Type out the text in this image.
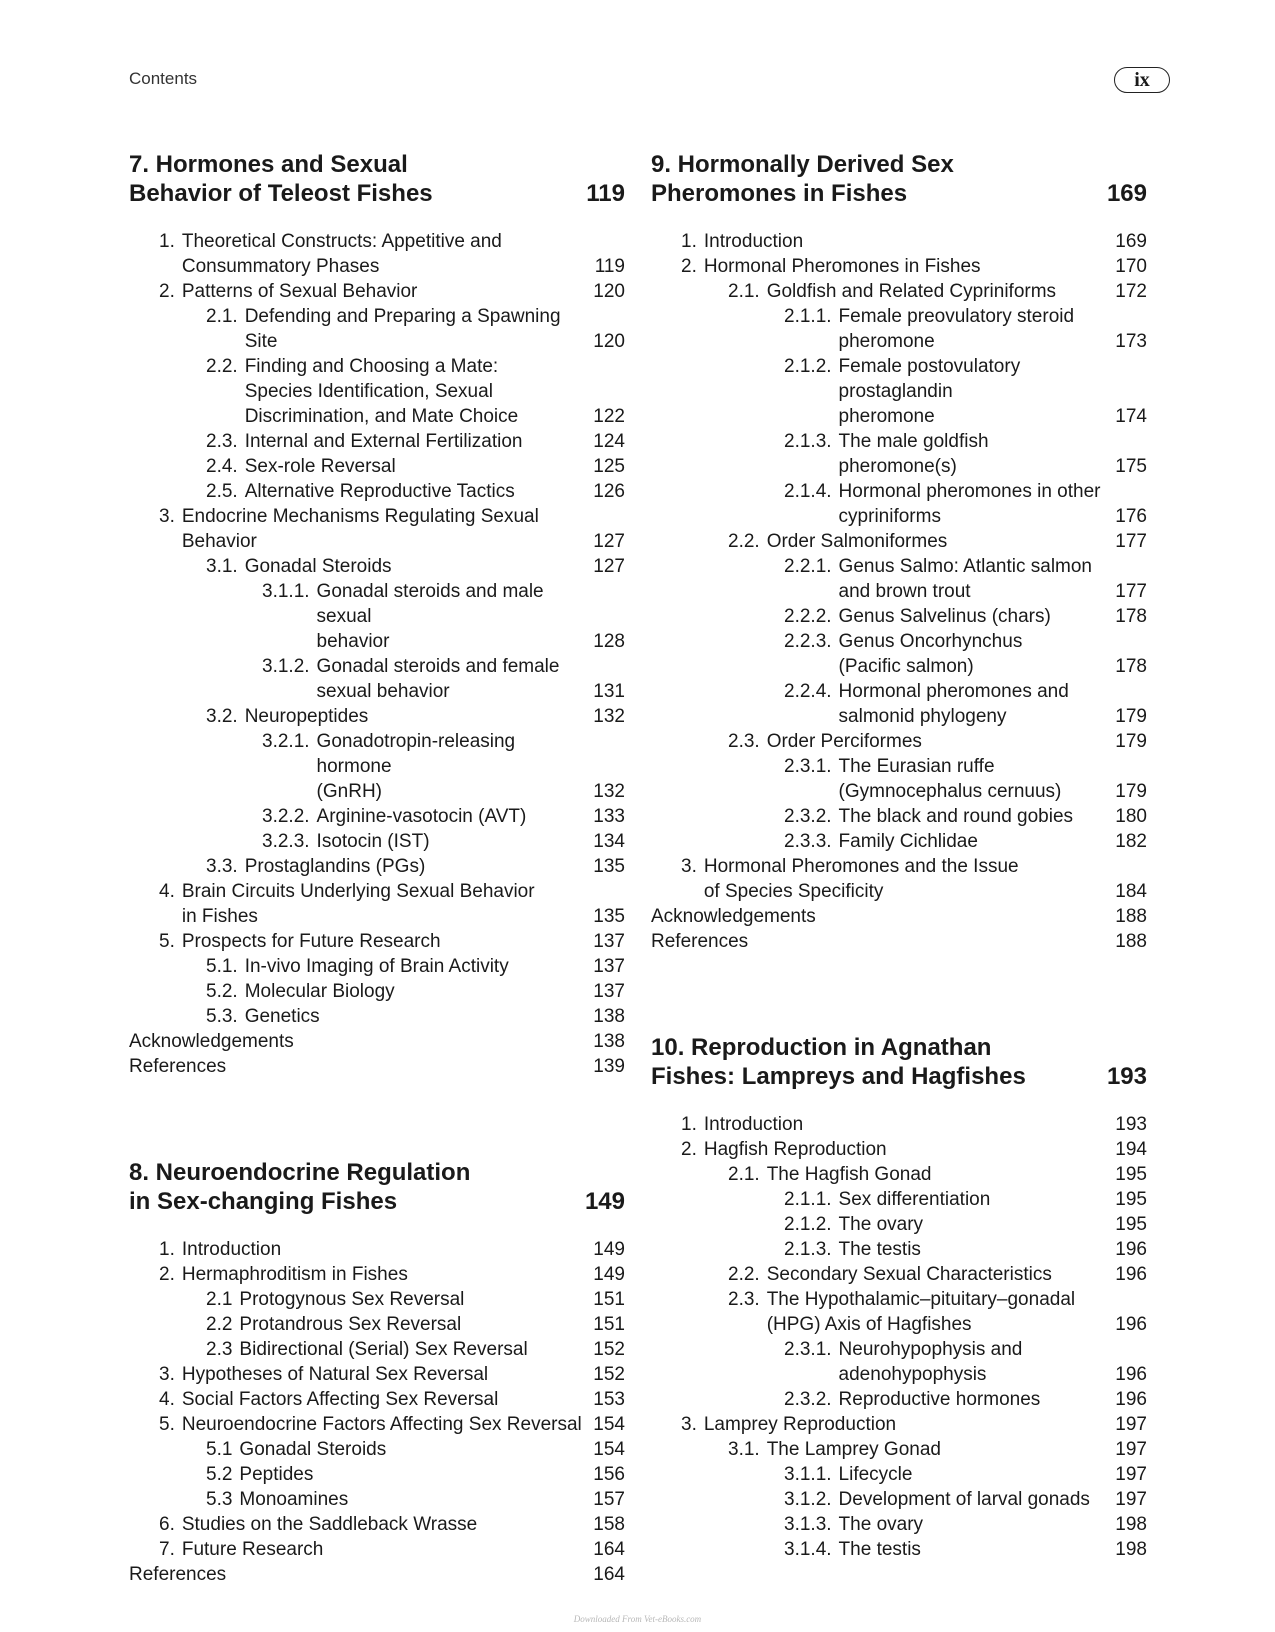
Contents	ix
7. Hormones and Sexual
Behavior of Teleost Fishes	119
1. Theoretical Constructs: Appetitive and
Consummatory Phases	119
2. Patterns of Sexual Behavior	120
2.1. Defending and Preparing a Spawning Site	120
2.2. Finding and Choosing a Mate:
Species Identification, Sexual
Discrimination, and Mate Choice	122
2.3. Internal and External Fertilization	124
2.4. Sex-role Reversal	125
2.5. Alternative Reproductive Tactics	126
3. Endocrine Mechanisms Regulating Sexual
Behavior	127
3.1. Gonadal Steroids	127
3.1.1. Gonadal steroids and male sexual
behavior	128
3.1.2. Gonadal steroids and female
sexual behavior	131
3.2. Neuropeptides	132
3.2.1. Gonadotropin-releasing hormone
(GnRH)	132
3.2.2. Arginine-vasotocin (AVT)	133
3.2.3. Isotocin (IST)	134
3.3. Prostaglandins (PGs)	135
4. Brain Circuits Underlying Sexual Behavior
in Fishes	135
5. Prospects for Future Research	137
5.1. In-vivo Imaging of Brain Activity	137
5.2. Molecular Biology	137
5.3. Genetics	138
Acknowledgements	138
References	139
8. Neuroendocrine Regulation
in Sex-changing Fishes	149
1. Introduction	149
2. Hermaphroditism in Fishes	149
2.1 Protogynous Sex Reversal	151
2.2 Protandrous Sex Reversal	151
2.3 Bidirectional (Serial) Sex Reversal	152
3. Hypotheses of Natural Sex Reversal	152
4. Social Factors Affecting Sex Reversal	153
5. Neuroendocrine Factors Affecting Sex Reversal 154
5.1 Gonadal Steroids	154
5.2 Peptides	156
5.3 Monoamines	157
6. Studies on the Saddleback Wrasse	158
7. Future Research	164
References	164
9. Hormonally Derived Sex
Pheromones in Fishes	169
1. Introduction	169
2. Hormonal Pheromones in Fishes	170
2.1. Goldfish and Related Cypriniforms	172
2.1.1. Female preovulatory steroid
pheromone	173
2.1.2. Female postovulatory prostaglandin
pheromone	174
2.1.3. The male goldfish pheromone(s)	175
2.1.4. Hormonal pheromones in other
cypriniforms	176
2.2. Order Salmoniformes	177
2.2.1. Genus Salmo: Atlantic salmon
and brown trout	177
2.2.2. Genus Salvelinus (chars)	178
2.2.3. Genus Oncorhynchus
(Pacific salmon)	178
2.2.4. Hormonal pheromones and
salmonid phylogeny	179
2.3. Order Perciformes	179
2.3.1. The Eurasian ruffe
(Gymnocephalus cernuus)	179
2.3.2. The black and round gobies 180
2.3.3. Family Cichlidae	182
3. Hormonal Pheromones and the Issue
of Species Specificity	184
Acknowledgements	188
References	188
10. Reproduction in Agnathan
Fishes: Lampreys and Hagfishes	193
1. Introduction	193
2. Hagfish Reproduction	194
2.1. The Hagfish Gonad	195
2.1.1. Sex differentiation	195
2.1.2. The ovary	195
2.1.3. The testis	196
2.2. Secondary Sexual Characteristics	196
2.3. The Hypothalamic–pituitary–gonadal
(HPG) Axis of Hagfishes	196
2.3.1. Neurohypophysis and
adenohypophysis	196
2.3.2. Reproductive hormones	196
3. Lamprey Reproduction	197
3.1. The Lamprey Gonad	197
3.1.1. Lifecycle	197
3.1.2. Development of larval gonads 197
3.1.3. The ovary	198
3.1.4. The testis	198
Downloaded From Vet-eBooks.com
